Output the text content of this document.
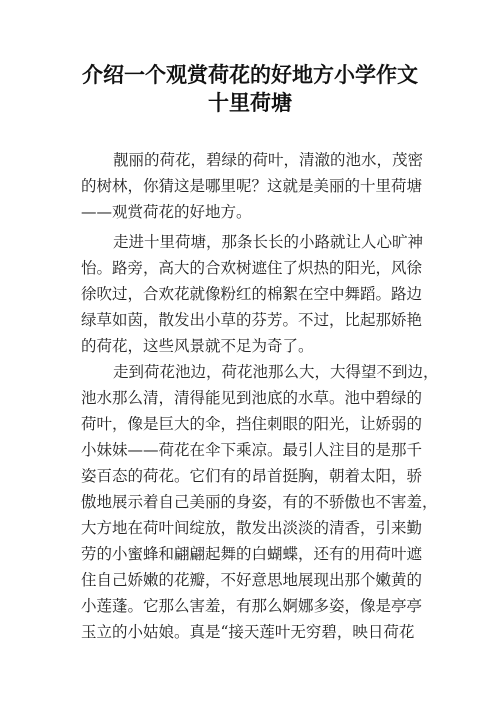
介绍一个观赏荷花的好地方小学作文
十里荷塘
靓丽的荷花，碧绿的荷叶，清澈的池水，茂密
的树林，你猜这是哪里呢？这就是美丽的十里荷塘
——观赏荷花的好地方。
走进十里荷塘，那条长长的小路就让人心旷神
怡。路旁，高大的合欢树遮住了炽热的阳光，风徐
徐吹过，合欢花就像粉红的棉絮在空中舞蹈。路边
绿草如茵，散发出小草的芬芳。不过，比起那娇艳
的荷花，这些风景就不足为奇了。
走到荷花池边，荷花池那么大，大得望不到边，
池水那么清，清得能见到池底的水草。池中碧绿的
荷叶，像是巨大的伞，挡住刺眼的阳光，让娇弱的
小妹妹——荷花在伞下乘凉。最引人注目的是那千
姿百态的荷花。它们有的昂首挺胸，朝着太阳，骄
傲地展示着自己美丽的身姿，有的不骄傲也不害羞，
大方地在荷叶间绽放，散发出淡淡的清香，引来勤
劳的小蜜蜂和翩翩起舞的白蝴蝶，还有的用荷叶遮
住自己娇嫩的花瓣，不好意思地展现出那个嫩黄的
小莲蓬。它那么害羞，有那么婀娜多姿，像是亭亭
玉立的小姑娘。真是“接天莲叶无穷碧，映日荷花
